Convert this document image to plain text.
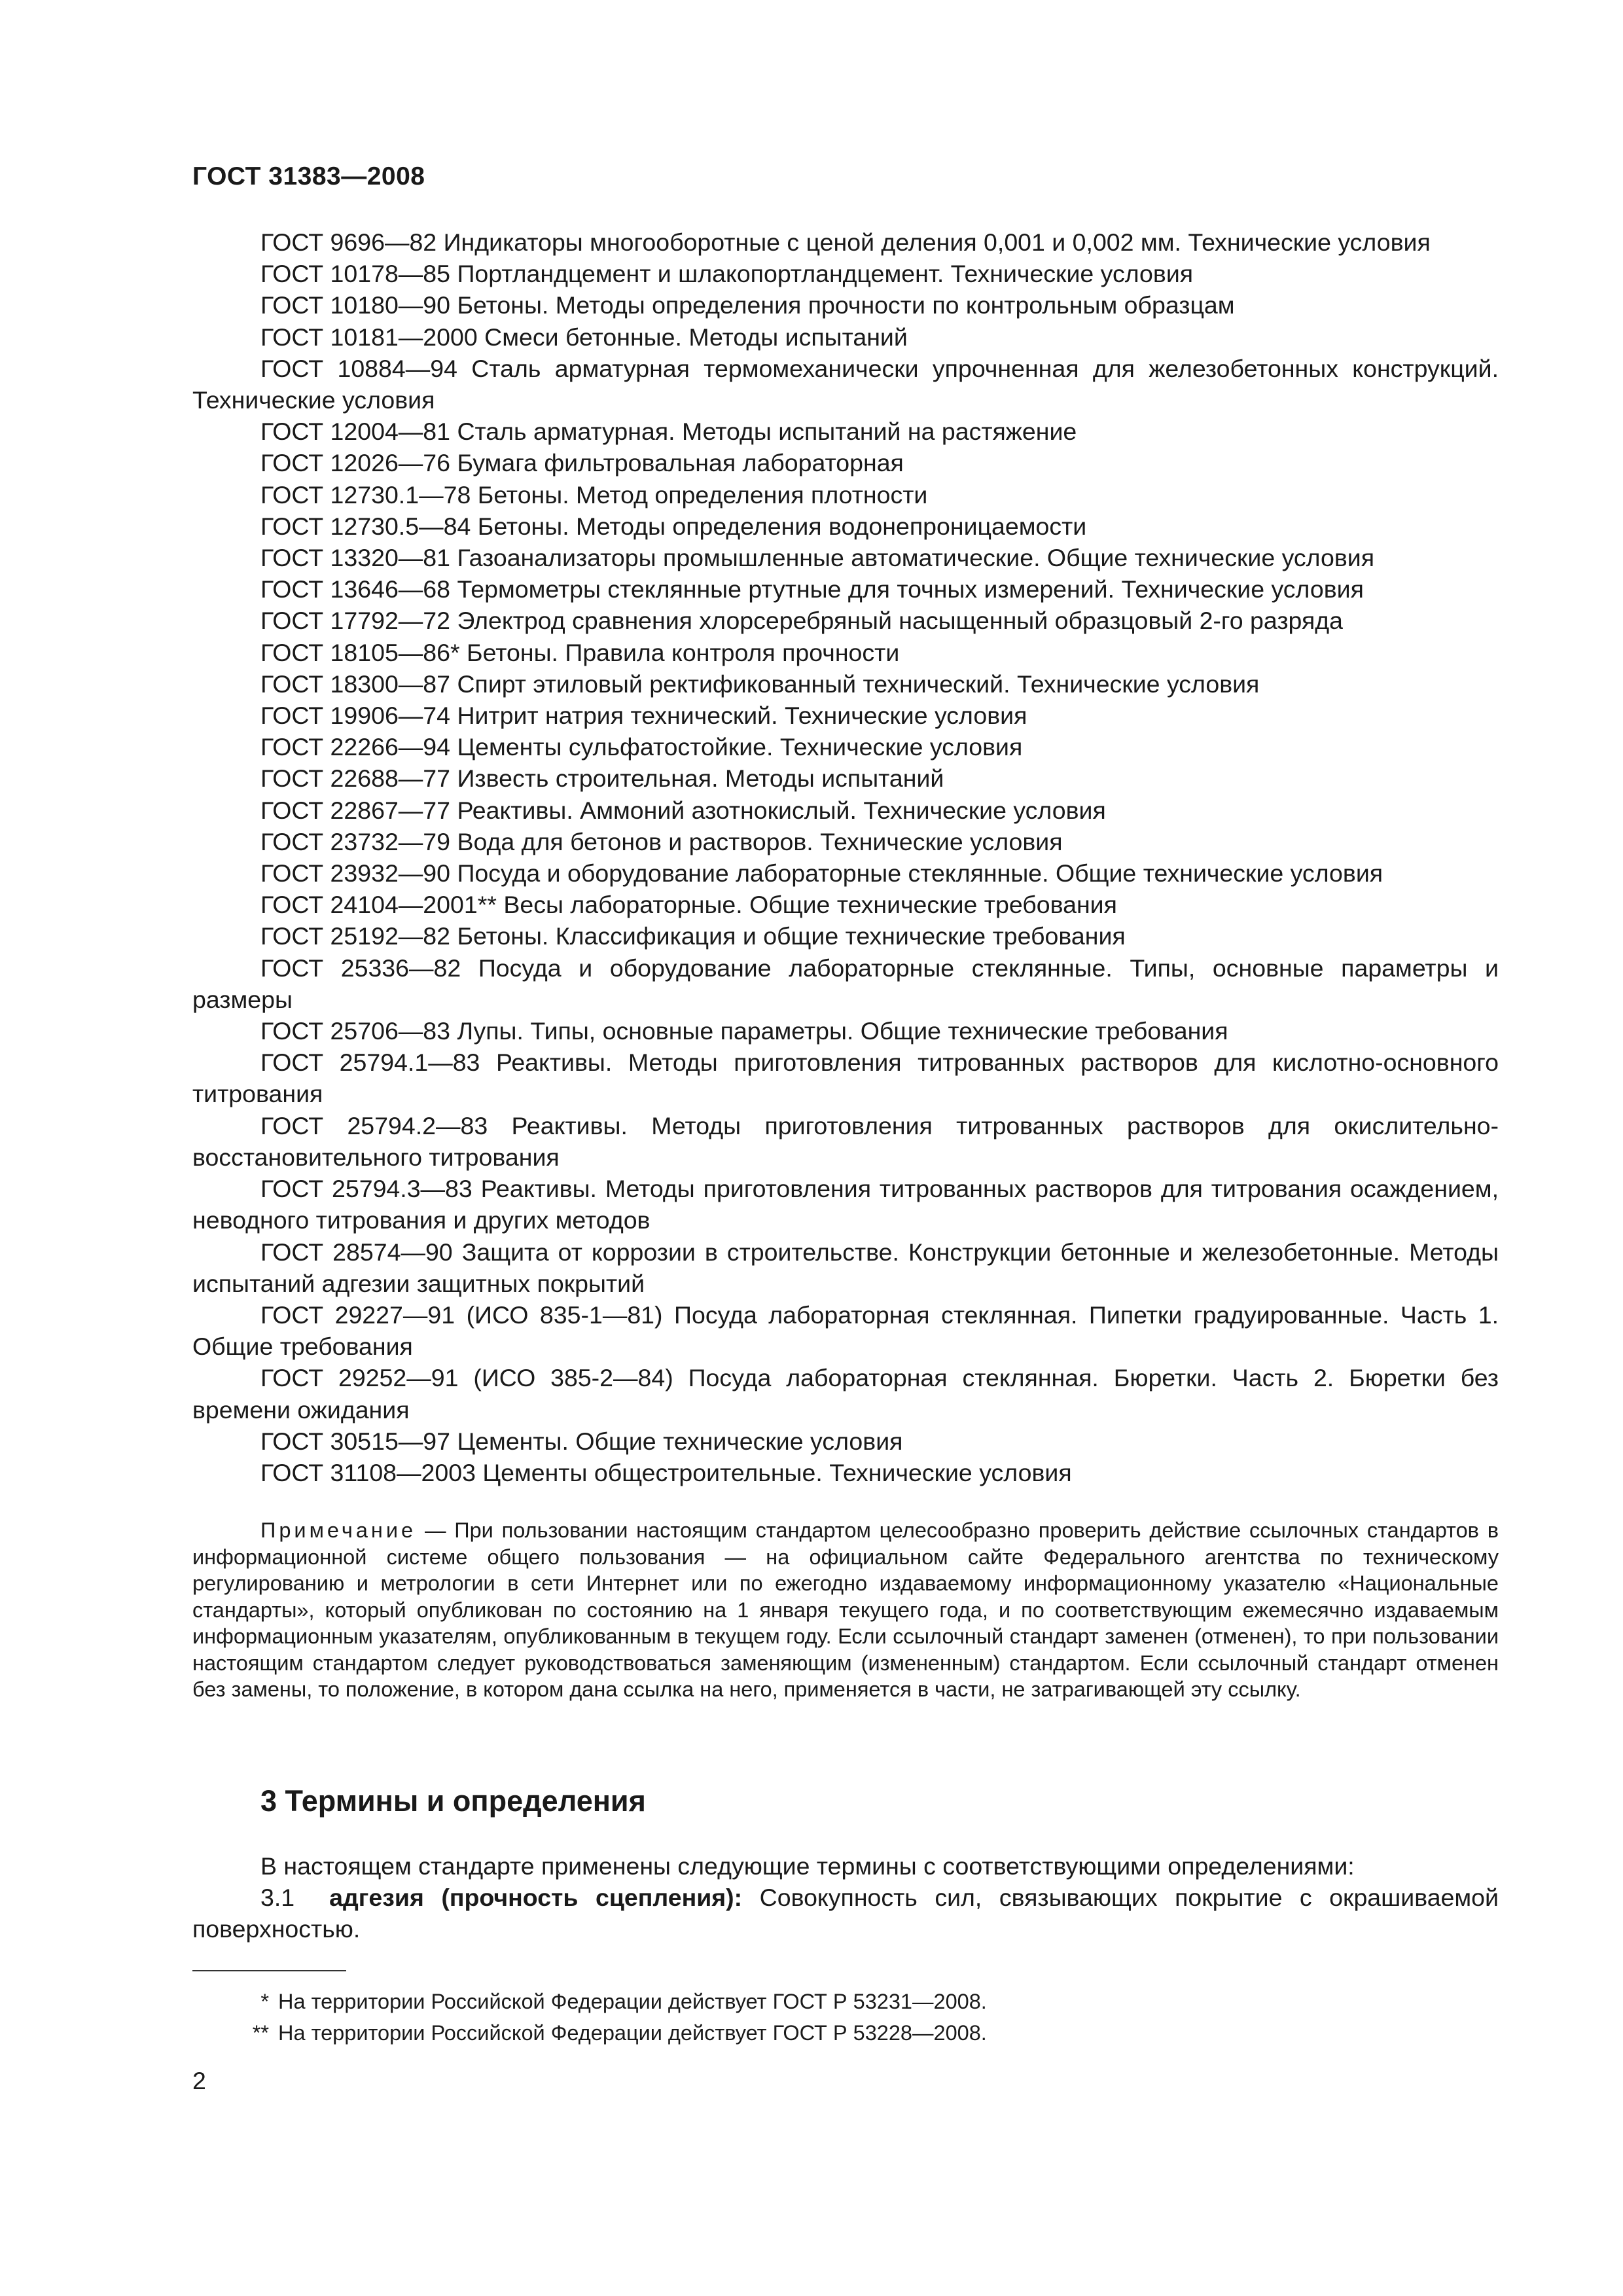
ГОСТ 31383—2008

ГОСТ 9696—82 Индикаторы многооборотные с ценой деления 0,001 и 0,002 мм. Технические условия

ГОСТ 10178—85 Портландцемент и шлакопортландцемент. Технические условия

ГОСТ 10180—90 Бетоны. Методы определения прочности по контрольным образцам

ГОСТ 10181—2000 Смеси бетонные. Методы испытаний

ГОСТ 10884—94 Сталь арматурная термомеханически упрочненная для железобетонных конструкций. Технические условия

ГОСТ 12004—81 Сталь арматурная. Методы испытаний на растяжение

ГОСТ 12026—76 Бумага фильтровальная лабораторная

ГОСТ 12730.1—78 Бетоны. Метод определения плотности

ГОСТ 12730.5—84 Бетоны. Методы определения водонепроницаемости

ГОСТ 13320—81 Газоанализаторы промышленные автоматические. Общие технические условия

ГОСТ 13646—68 Термометры стеклянные ртутные для точных измерений. Технические условия

ГОСТ 17792—72 Электрод сравнения хлорсеребряный насыщенный образцовый 2-го разряда

ГОСТ 18105—86* Бетоны. Правила контроля прочности

ГОСТ 18300—87 Спирт этиловый ректификованный технический. Технические условия

ГОСТ 19906—74 Нитрит натрия технический. Технические условия

ГОСТ 22266—94 Цементы сульфатостойкие. Технические условия

ГОСТ 22688—77 Известь строительная. Методы испытаний

ГОСТ 22867—77 Реактивы. Аммоний азотнокислый. Технические условия

ГОСТ 23732—79 Вода для бетонов и растворов. Технические условия

ГОСТ 23932—90 Посуда и оборудование лабораторные стеклянные. Общие технические условия

ГОСТ 24104—2001** Весы лабораторные. Общие технические требования

ГОСТ 25192—82 Бетоны. Классификация и общие технические требования

ГОСТ 25336—82 Посуда и оборудование лабораторные стеклянные. Типы, основные параметры и размеры

ГОСТ 25706—83 Лупы. Типы, основные параметры. Общие технические требования

ГОСТ 25794.1—83 Реактивы. Методы приготовления титрованных растворов для кислотно-основного титрования

ГОСТ 25794.2—83 Реактивы. Методы приготовления титрованных растворов для окислительно-восстановительного титрования

ГОСТ 25794.3—83 Реактивы. Методы приготовления титрованных растворов для титрования осаждением, неводного титрования и других методов

ГОСТ 28574—90 Защита от коррозии в строительстве. Конструкции бетонные и железобетонные. Методы испытаний адгезии защитных покрытий

ГОСТ 29227—91 (ИСО 835-1—81) Посуда лабораторная стеклянная. Пипетки градуированные. Часть 1. Общие требования

ГОСТ 29252—91 (ИСО 385-2—84) Посуда лабораторная стеклянная. Бюретки. Часть 2. Бюретки без времени ожидания

ГОСТ 30515—97 Цементы. Общие технические условия

ГОСТ 31108—2003 Цементы общестроительные. Технические условия

Примечание — При пользовании настоящим стандартом целесообразно проверить действие ссылочных стандартов в информационной системе общего пользования — на официальном сайте Федерального агентства по техническому регулированию и метрологии в сети Интернет или по ежегодно издаваемому информационному указателю «Национальные стандарты», который опубликован по состоянию на 1 января текущего года, и по соответствующим ежемесячно издаваемым информационным указателям, опубликованным в текущем году. Если ссылочный стандарт заменен (отменен), то при пользовании настоящим стандартом следует руководствоваться заменяющим (измененным) стандартом. Если ссылочный стандарт отменен без замены, то положение, в котором дана ссылка на него, применяется в части, не затрагивающей эту ссылку.

3 Термины и определения

В настоящем стандарте применены следующие термины с соответствующими определениями:

3.1 адгезия (прочность сцепления): Совокупность сил, связывающих покрытие с окрашиваемой поверхностью.

* На территории Российской Федерации действует ГОСТ Р 53231—2008.

** На территории Российской Федерации действует ГОСТ Р 53228—2008.

2
